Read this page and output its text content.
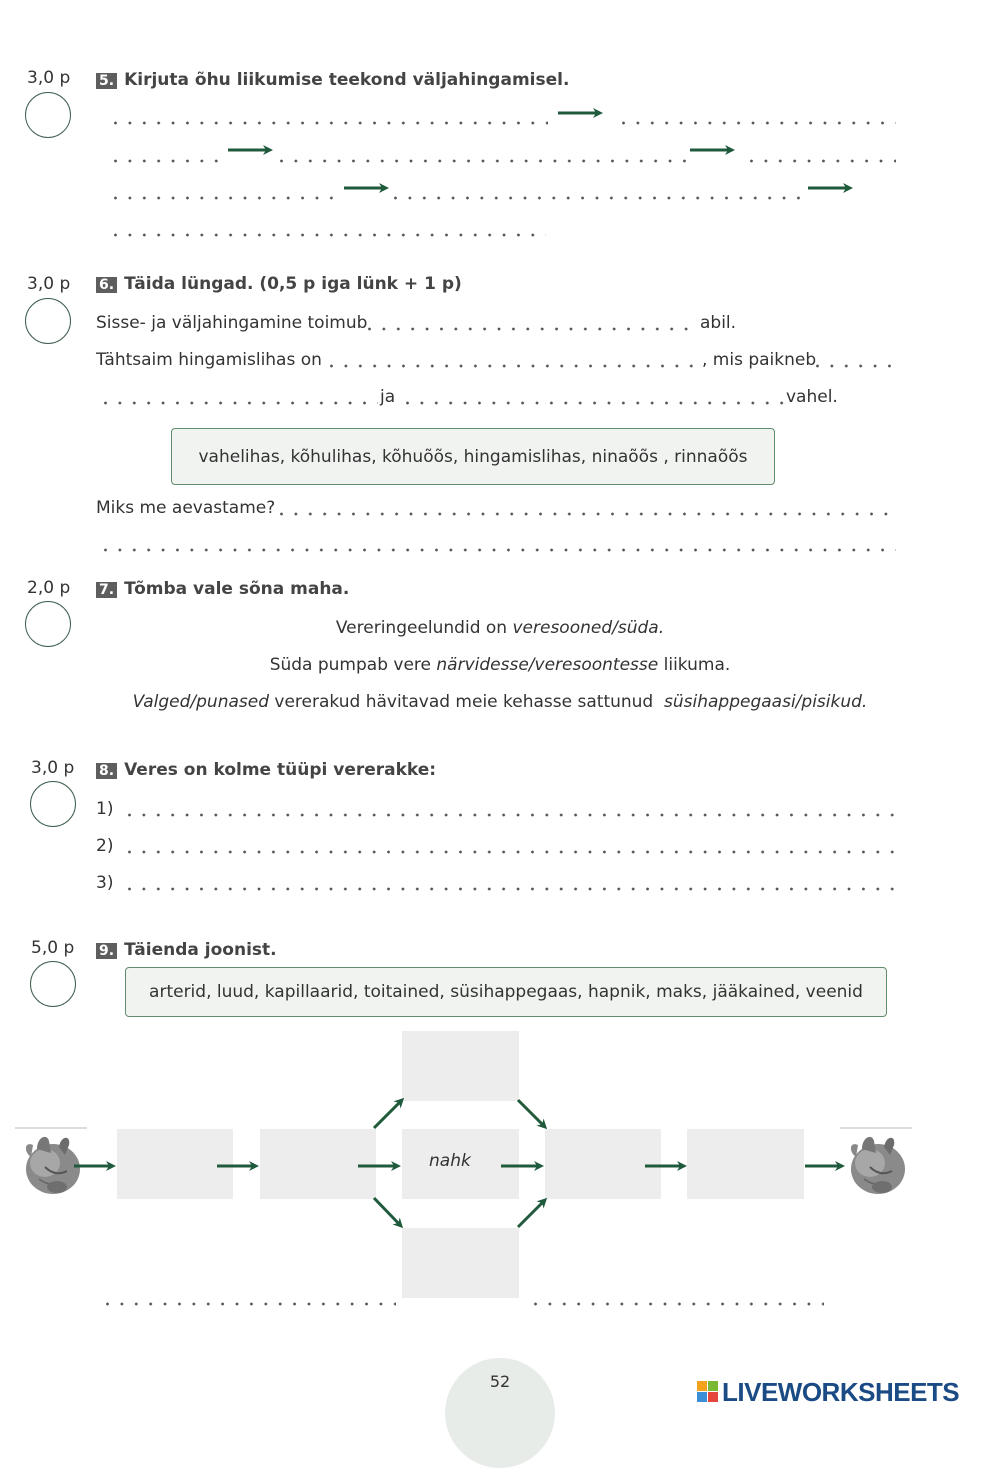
3,0 p 5. Kirjuta õhu liikumise teekond väljahingamisel.
3,0 p 6. Täida lüngad. (0,5 p iga lünk + 1 p)
Sisse- ja väljahingamine toimub	abil.
Tähtsaim hingamislihas on	, mis paikneb
ja	vahel.
vahelihas, kõhulihas, kõhuõõs, hingamislihas, ninaõõs , rinnaõõs
Miks me aevastame?
2,0 p 7. Tõmba vale sõna maha.
Vereringeelundid on veresooned/süda.
Süda pumpab vere närvidesse/veresoontesse liikuma.
Valged/punased vererakud hävitavad meie kehasse sattunud  süsihappegaasi/pisikud.
3,0 p 8. Veres on kolme tüüpi vererakke:
1)
2)
3)
5,0 p 9. Täienda joonist.
arterid, luud, kapillaarid, toitained, süsihappegaas, hapnik, maks, jääkained, veenid
nahk
52	LIVEWORKSHEETS
